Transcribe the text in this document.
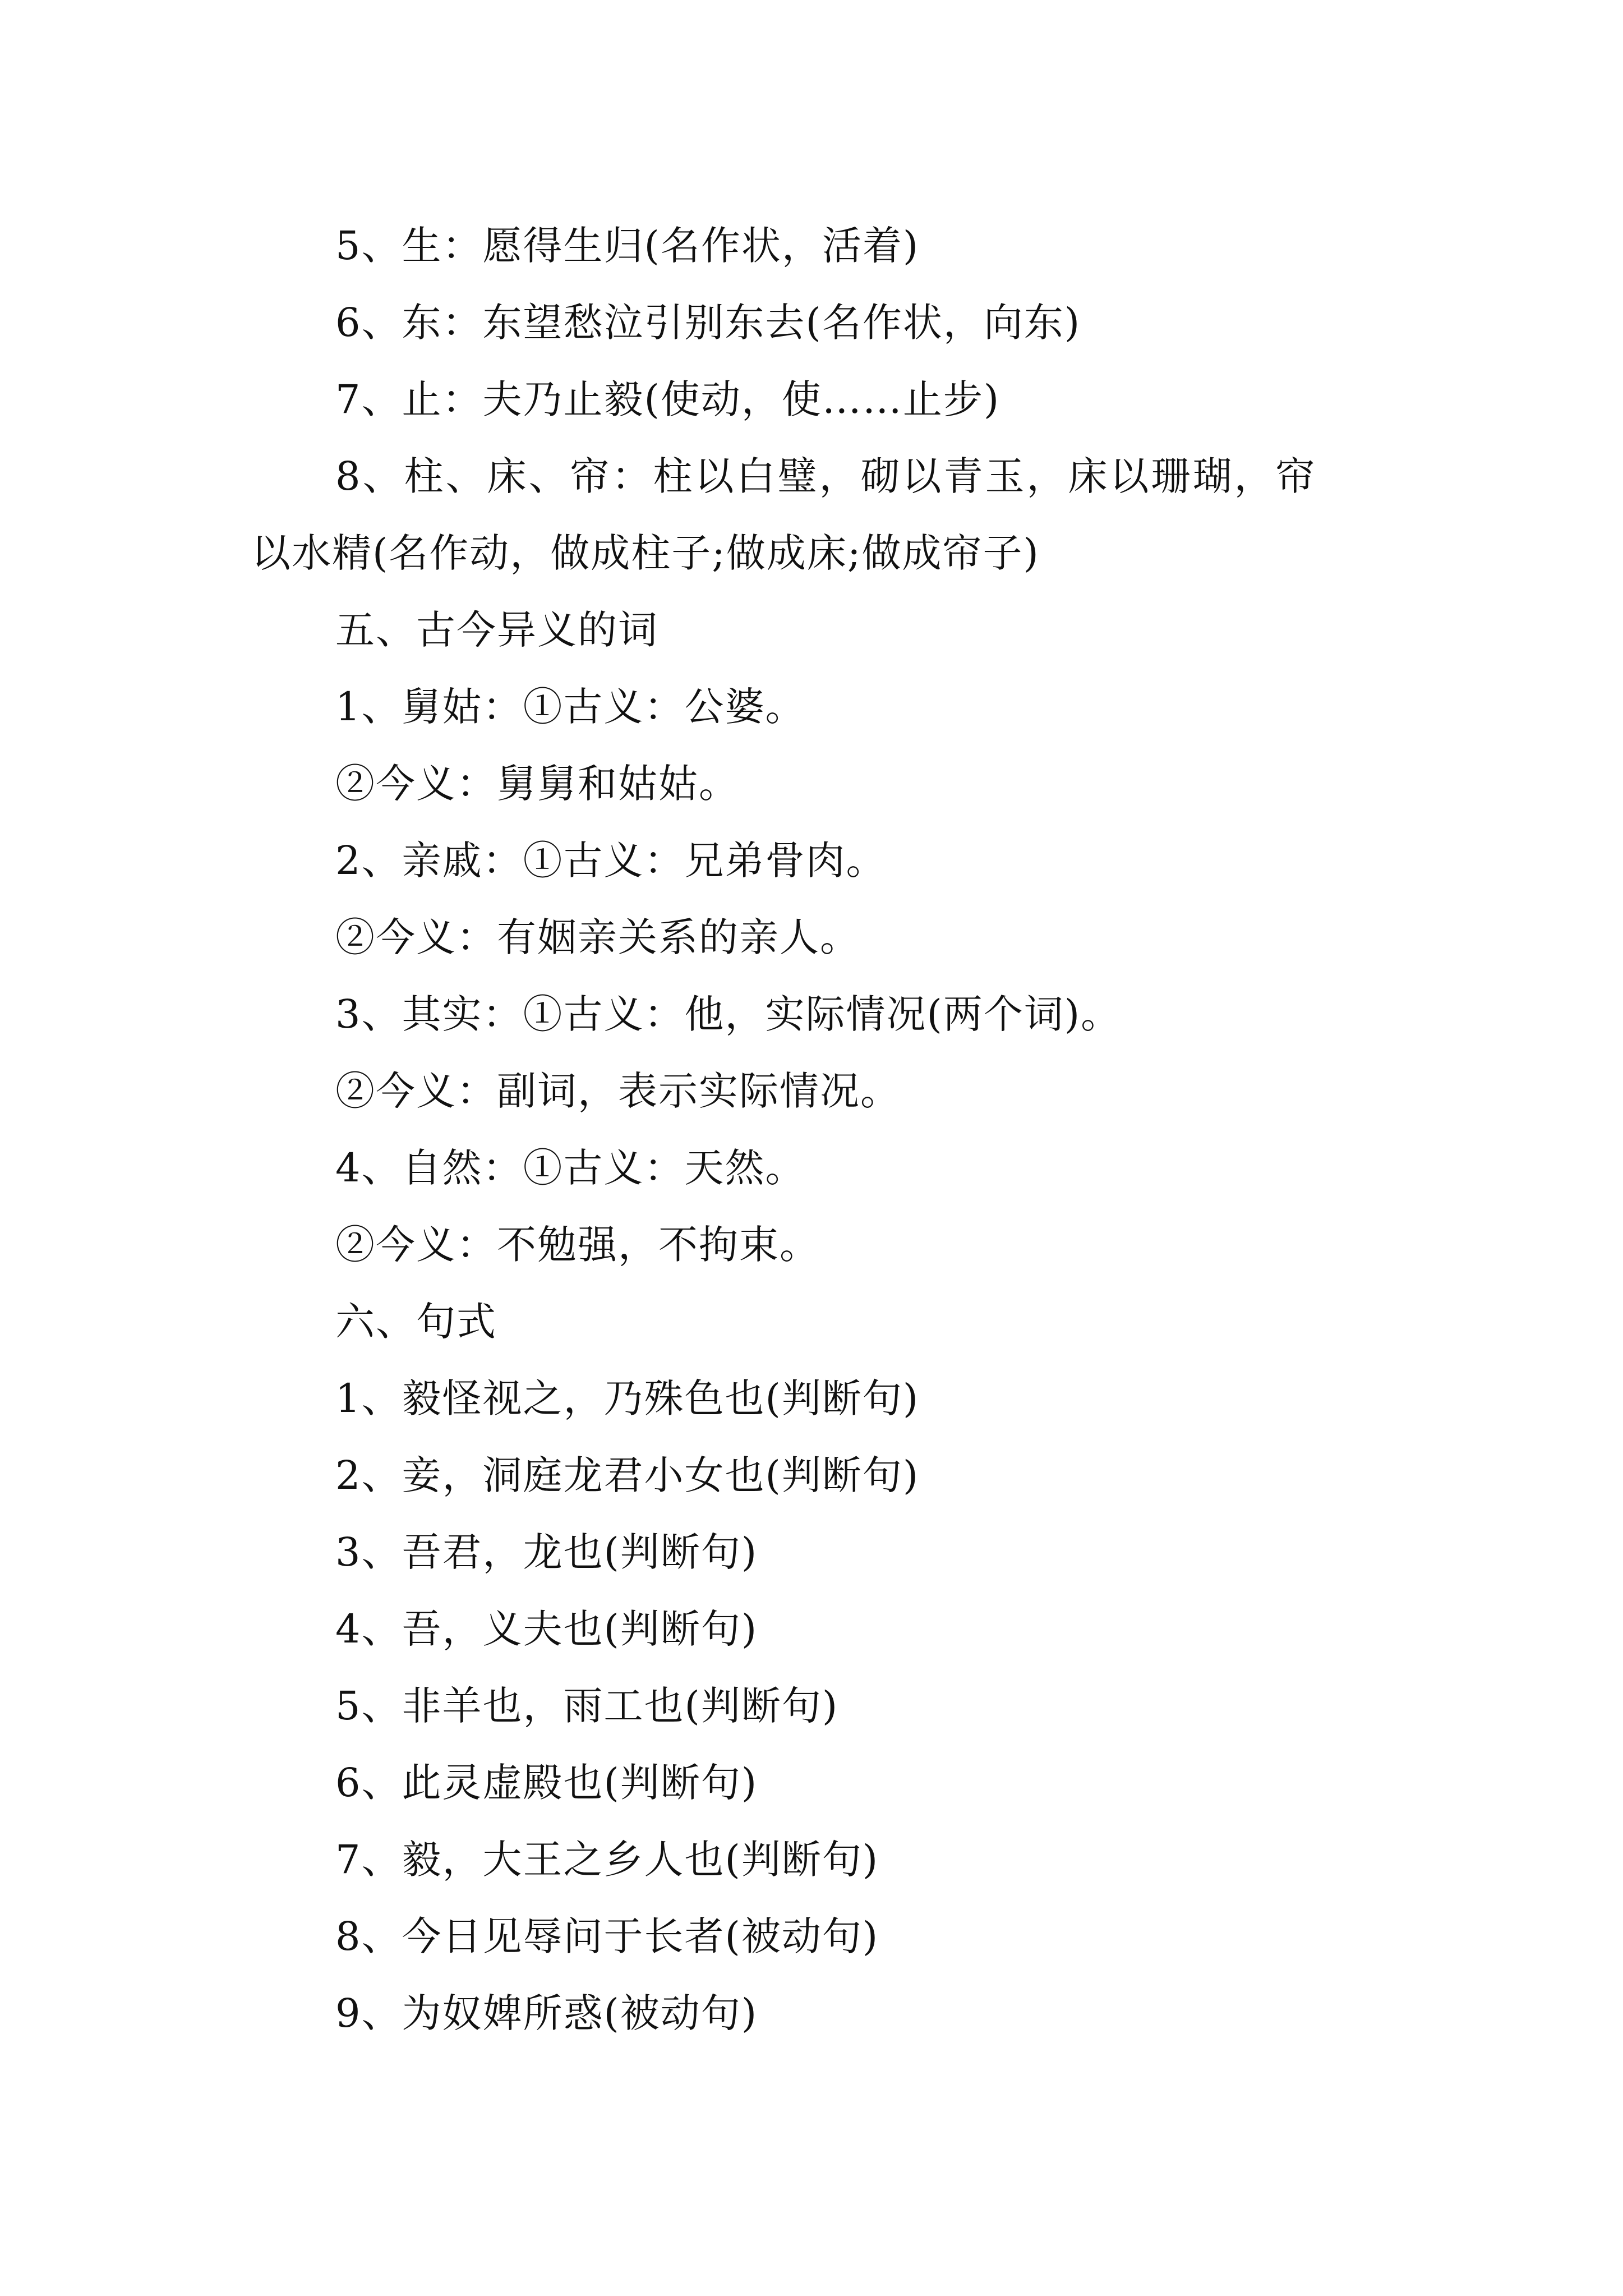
5、生：愿得生归(名作状，活着)
6、东：东望愁泣引别东去(名作状，向东)
7、止：夫乃止毅(使动，使……止步)
8、柱、床、帘：柱以白璧，砌以青玉，床以珊瑚，帘
以水精(名作动，做成柱子;做成床;做成帘子)
五、古今异义的词
1、舅姑：①古义：公婆。
②今义：舅舅和姑姑。
2、亲戚：①古义：兄弟骨肉。
②今义：有姻亲关系的亲人。
3、其实：①古义：他，实际情况(两个词)。
②今义：副词，表示实际情况。
4、自然：①古义：天然。
②今义：不勉强，不拘束。
六、句式
1、毅怪视之，乃殊色也(判断句)
2、妾，洞庭龙君小女也(判断句)
3、吾君，龙也(判断句)
4、吾，义夫也(判断句)
5、非羊也，雨工也(判断句)
6、此灵虚殿也(判断句)
7、毅，大王之乡人也(判断句)
8、今日见辱问于长者(被动句)
9、为奴婢所惑(被动句)
